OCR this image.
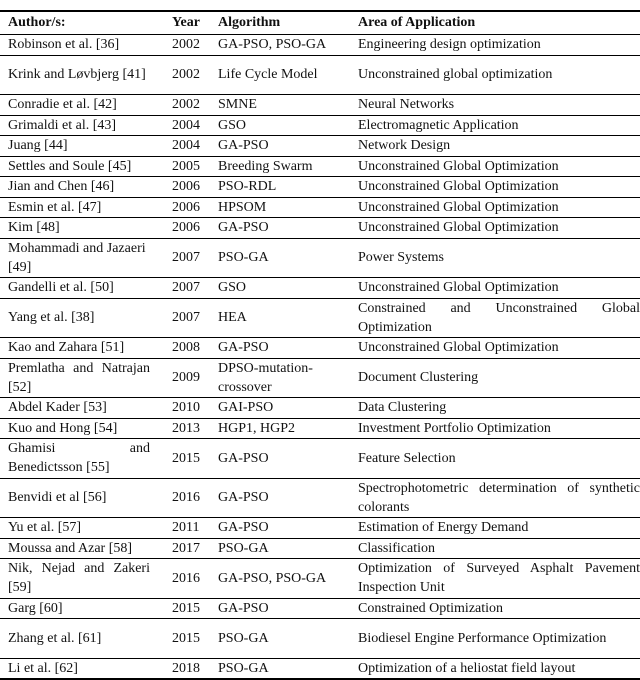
Author/s:	Year	Algorithm	Area of Application
Robinson et al. [36]	2002	GA-PSO, PSO-GA	Engineering design optimization
Krink and Løvbjerg [41]	2002	Life Cycle Model	Unconstrained global optimization
Conradie et al. [42]	2002	SMNE	Neural Networks
Grimaldi et al. [43]	2004	GSO	Electromagnetic Application
Juang [44]	2004	GA-PSO	Network Design
Settles and Soule [45]	2005	Breeding Swarm	Unconstrained Global Optimization
Jian and Chen [46]	2006	PSO-RDL	Unconstrained Global Optimization
Esmin et al. [47]	2006	HPSOM	Unconstrained Global Optimization
Kim [48]	2006	GA-PSO	Unconstrained Global Optimization
Mohammadi and Jazaeri [49]	2007	PSO-GA	Power Systems
Gandelli et al. [50]	2007	GSO	Unconstrained Global Optimization
Yang et al. [38]	2007	HEA	Constrained and Unconstrained Global Optimization
Kao and Zahara [51]	2008	GA-PSO	Unconstrained Global Optimization
Premlatha and Natrajan [52]	2009	DPSO-mutation-crossover	Document Clustering
Abdel Kader [53]	2010	GAI-PSO	Data Clustering
Kuo and Hong [54]	2013	HGP1, HGP2	Investment Portfolio Optimization
Ghamisi and Benedictsson [55]	2015	GA-PSO	Feature Selection
Benvidi et al [56]	2016	GA-PSO	Spectrophotometric determination of synthetic colorants
Yu et al. [57]	2011	GA-PSO	Estimation of Energy Demand
Moussa and Azar [58]	2017	PSO-GA	Classification
Nik, Nejad and Zakeri [59]	2016	GA-PSO, PSO-GA	Optimization of Surveyed Asphalt Pavement Inspection Unit
Garg [60]	2015	GA-PSO	Constrained Optimization
Zhang et al. [61]	2015	PSO-GA	Biodiesel Engine Performance Optimization
Li et al. [62]	2018	PSO-GA	Optimization of a heliostat field layout
